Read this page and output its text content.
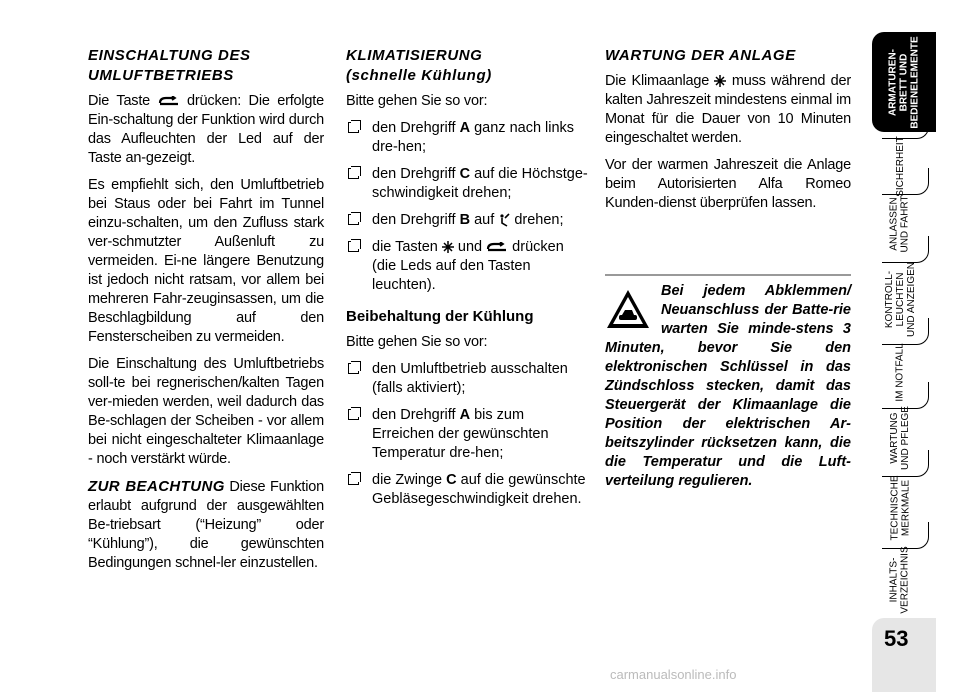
EINSCHALTUNG DES
UMLUFTBETRIEBS

Die Taste	drücken: Die erfolgte Ein-schaltung der Funktion wird durch das Aufleuchten der Led auf der Taste an-gezeigt.

Es empfiehlt sich, den Umluftbetrieb bei Staus oder bei Fahrt im Tunnel einzu-schalten, um den Zufluss stark ver-schmutzter Außenluft zu vermeiden. Ei-ne längere Benutzung ist jedoch nicht ratsam, vor allem bei mehreren Fahr-zeuginsassen, um die Beschlagbildung auf den Fensterscheiben zu vermeiden.

Die Einschaltung des Umluftbetriebs soll-te bei regnerischen/kalten Tagen ver-mieden werden, weil dadurch das Be-schlagen der Scheiben - vor allem bei nicht eingeschalteter Klimaanlage - noch verstärkt würde.

ZUR BEACHTUNG Diese Funktion erlaubt aufgrund der ausgewählten Be-triebsart (“Heizung” oder “Kühlung”), die gewünschten Bedingungen schnel-ler einzustellen.

KLIMATISIERUNG
(schnelle Kühlung)

Bitte gehen Sie so vor:

den Drehgriff A ganz nach links dre-hen;
den Drehgriff C auf die Höchstge-schwindigkeit drehen;
den Drehgriff B auf drehen;
die Tasten und drücken (die Leds auf den Tasten leuchten).
Beibehaltung der Kühlung

Bitte gehen Sie so vor:

den Umluftbetrieb ausschalten (falls aktiviert);
den Drehgriff A bis zum Erreichen der gewünschten Temperatur dre-hen;
die Zwinge C auf die gewünschte Gebläsegeschwindigkeit drehen.
WARTUNG DER ANLAGE

Die Klimaanlage muss während der kalten Jahreszeit mindestens einmal im Monat für die Dauer von 10 Minuten eingeschaltet werden.

Vor der warmen Jahreszeit die Anlage beim Autorisierten Alfa Romeo Kunden-dienst überprüfen lassen.

Bei jedem Abklemmen/ Neuanschluss der Batte-rie warten Sie minde-stens 3 Minuten, bevor Sie den elektronischen Schlüssel in das Zündschloss stecken, damit das Steuergerät der Klimaanlage die Position der elektrischen Ar-beitszylinder rücksetzen kann, die die Temperatur und die Luft-verteilung regulieren.

ARMATUREN-
BRETT UND
BEDIENELEMENTE
SICHERHEIT
ANLASSEN
UND FAHRT
KONTROLL-
LEUCHTEN
UND ANZEIGEN
IM NOTFALL
WARTUNG
UND PFLEGE
TECHNISCHE
MERKMALE
INHALTS-
VERZEICHNIS
53
carmanualsonline.info
